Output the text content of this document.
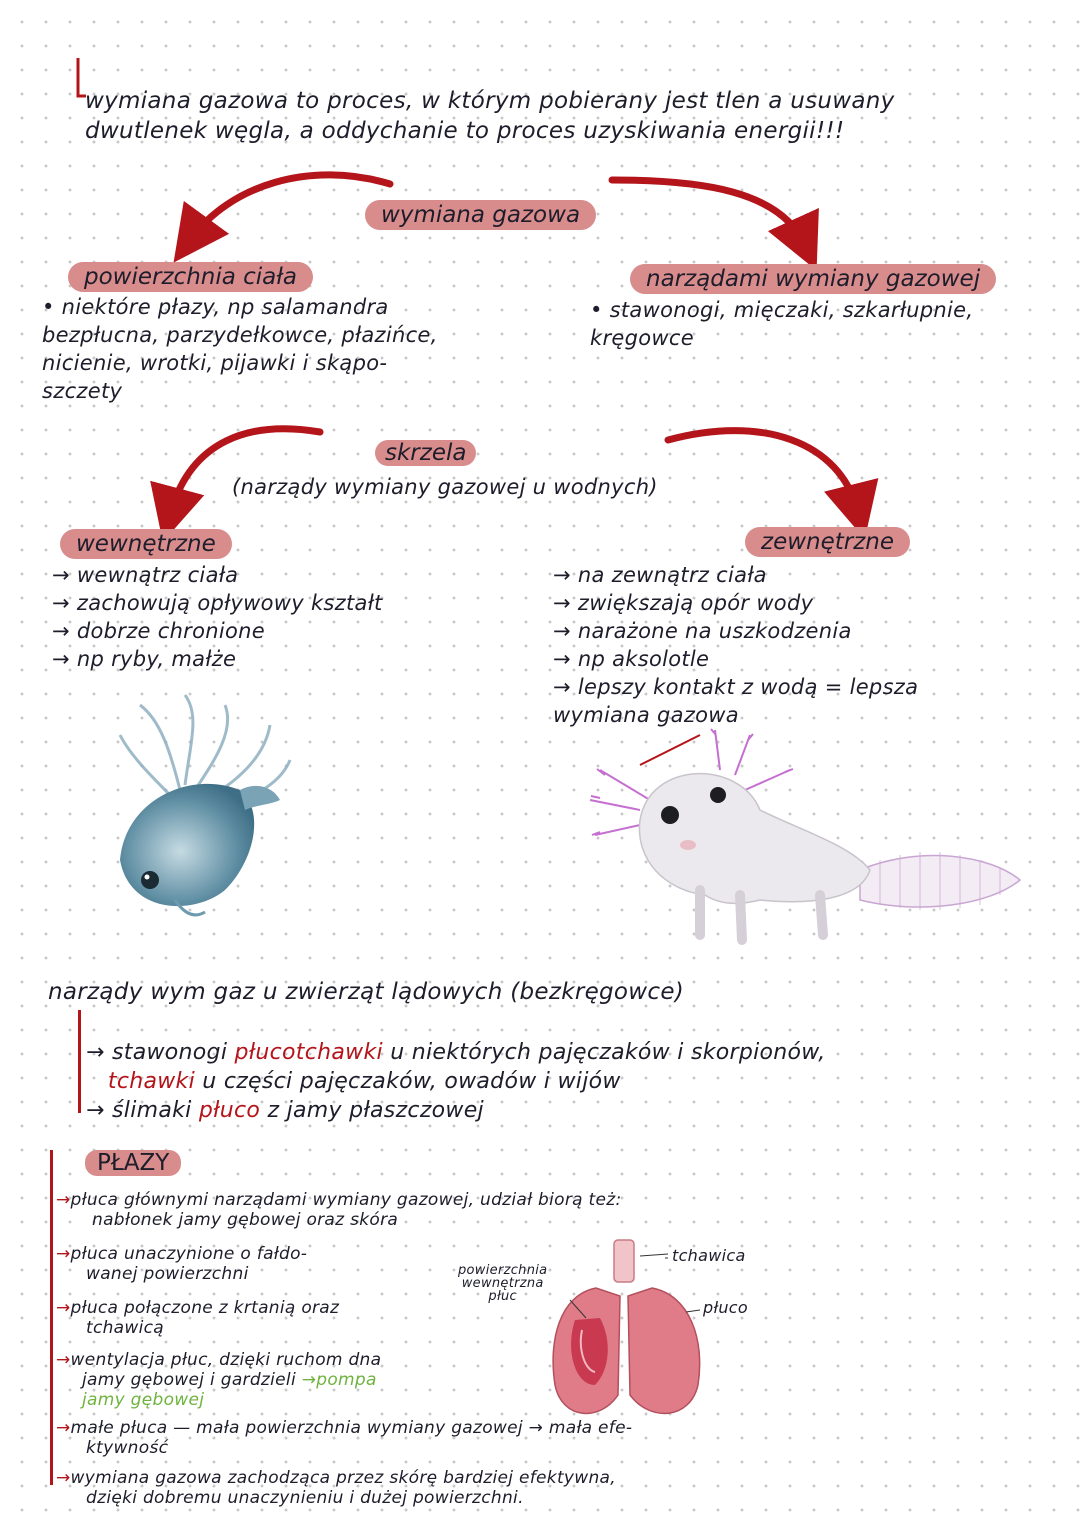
wymiana gazowa to proces, w którym pobierany jest tlen a usuwany
dwutlenek węgla, a oddychanie to proces uzyskiwania energii!!!
wymiana gazowa
powierzchnia ciała
• niektóre płazy, np salamandra
bezpłucna, parzydełkowce, płazińce,
nicienie, wrotki, pijawki i skąpo-
szczety
narządami wymiany gazowej
• stawonogi, mięczaki, szkarłupnie,
kręgowce
skrzela
(narządy wymiany gazowej u wodnych)
wewnętrzne
→ wewnątrz ciała
→ zachowują opływowy kształt
→ dobrze chronione
→ np ryby, małże
zewnętrzne
→ na zewnątrz ciała
→ zwiększają opór wody
→ narażone na uszkodzenia
→ np aksolotle
→ lepszy kontakt z wodą = lepsza
wymiana gazowa
narządy wym gaz u zwierząt lądowych (bezkręgowce)
→ stawonogi płucotchawki u niektórych pajęczaków i skorpionów,
tchawki u części pajęczaków, owadów i wijów
→ ślimaki płuco z jamy płaszczowej
PŁAZY
→płuca głównymi narządami wymiany gazowej, udział biorą też:
nabłonek jamy gębowej oraz skóra
→płuca unaczynione o fałdo-
wanej powierzchni
→płuca połączone z krtanią oraz
tchawicą
→wentylacja płuc, dzięki ruchom dna
jamy gębowej i gardzieli →pompa
jamy gębowej
→małe płuca — mała powierzchnia wymiany gazowej → mała efe-
ktywność
→wymiana gazowa zachodząca przez skórę bardziej efektywna,
dzięki dobremu unaczynieniu i dużej powierzchni.
tchawica
powierzchnia
wewnętrzna
płuc
płuco
